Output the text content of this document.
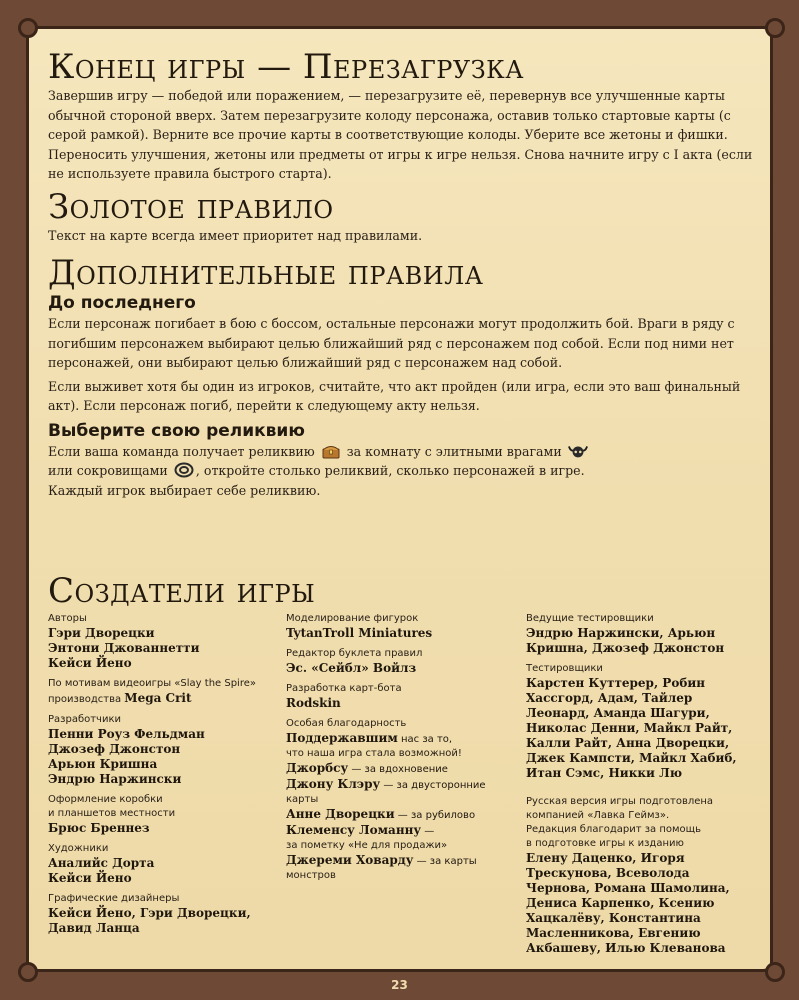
Конец игры — Перезагрузка

Завершив игру — победой или поражением, — перезагрузите её, перевернув все улучшенные карты обычной стороной вверх. Затем перезагрузите колоду персонажа, оставив только стартовые карты (с серой рамкой). Верните все прочие карты в соответствующие колоды. Уберите все жетоны и фишки. Переносить улучшения, жетоны или предметы от игры к игре нельзя. Снова начните игру с I акта (если не используете правила быстрого старта).

Золотое правило

Текст на карте всегда имеет приоритет над правилами.

Дополнительные правила
До последнего

Если персонаж погибает в бою с боссом, остальные персонажи могут продолжить бой. Враги в ряду с погибшим персонажем выбирают целью ближайший ряд с персонажем под собой. Если под ними нет персонажей, они выбирают целью ближайший ряд с персонажем над собой.

Если выживет хотя бы один из игроков, считайте, что акт пройден (или игра, если это ваш финальный акт). Если персонаж погиб, перейти к следующему акту нельзя.

Выберите свою реликвию

Если ваша команда получает реликвию	за комнату с элитными врагами
или сокровищами , откройте столько реликвий, сколько персонажей в игре.
Каждый игрок выбирает себе реликвию.

Создатели игры

Авторы

Гэри Дворецки

Энтони Джованнетти

Кейси Йено

По мотивам видеоигры «Slay the Spire»

производства Mega Crit

Разработчики

Пенни Роуз Фельдман

Джозеф Джонстон

Арьюн Кришна

Эндрю Наржински

Оформление коробки

и планшетов местности

Брюс Бреннез

Художники

Аналийс Дорта

Кейси Йено

Графические дизайнеры

Кейси Йено, Гэри Дворецки,

Давид Ланца

Моделирование фигурок

TytanTroll Miniatures

Редактор буклета правил

Эс. «Сейбл» Войлз

Разработка карт-бота

Rodskin

Особая благодарность

Поддержавшим нас за то,

что наша игра стала возможной!

Джорбсу — за вдохновение

Джону Клэру — за двусторонние

карты

Анне Дворецки — за рубилово

Клеменсу Ломанну —

за пометку «Не для продажи»

Джереми Ховарду — за карты

монстров

Ведущие тестировщики

Эндрю Наржински, Арьюн

Кришна, Джозеф Джонстон

Тестировщики

Карстен Куттерер, Робин

Хассгорд, Адам, Тайлер

Леонард, Аманда Шагури,

Николас Денни, Майкл Райт,

Калли Райт, Анна Дворецки,

Джек Кампсти, Майкл Хабиб,

Итан Сэмс, Никки Лю

Русская версия игры подготовлена

компанией «Лавка Геймз».

Редакция благодарит за помощь

в подготовке игры к изданию

Елену Даценко, Игоря

Трескунова, Всеволода

Чернова, Романа Шамолина,

Дениса Карпенко, Ксению

Хацкалёву, Константина

Масленникова, Евгению

Акбашеву, Илью Клеванова

23
